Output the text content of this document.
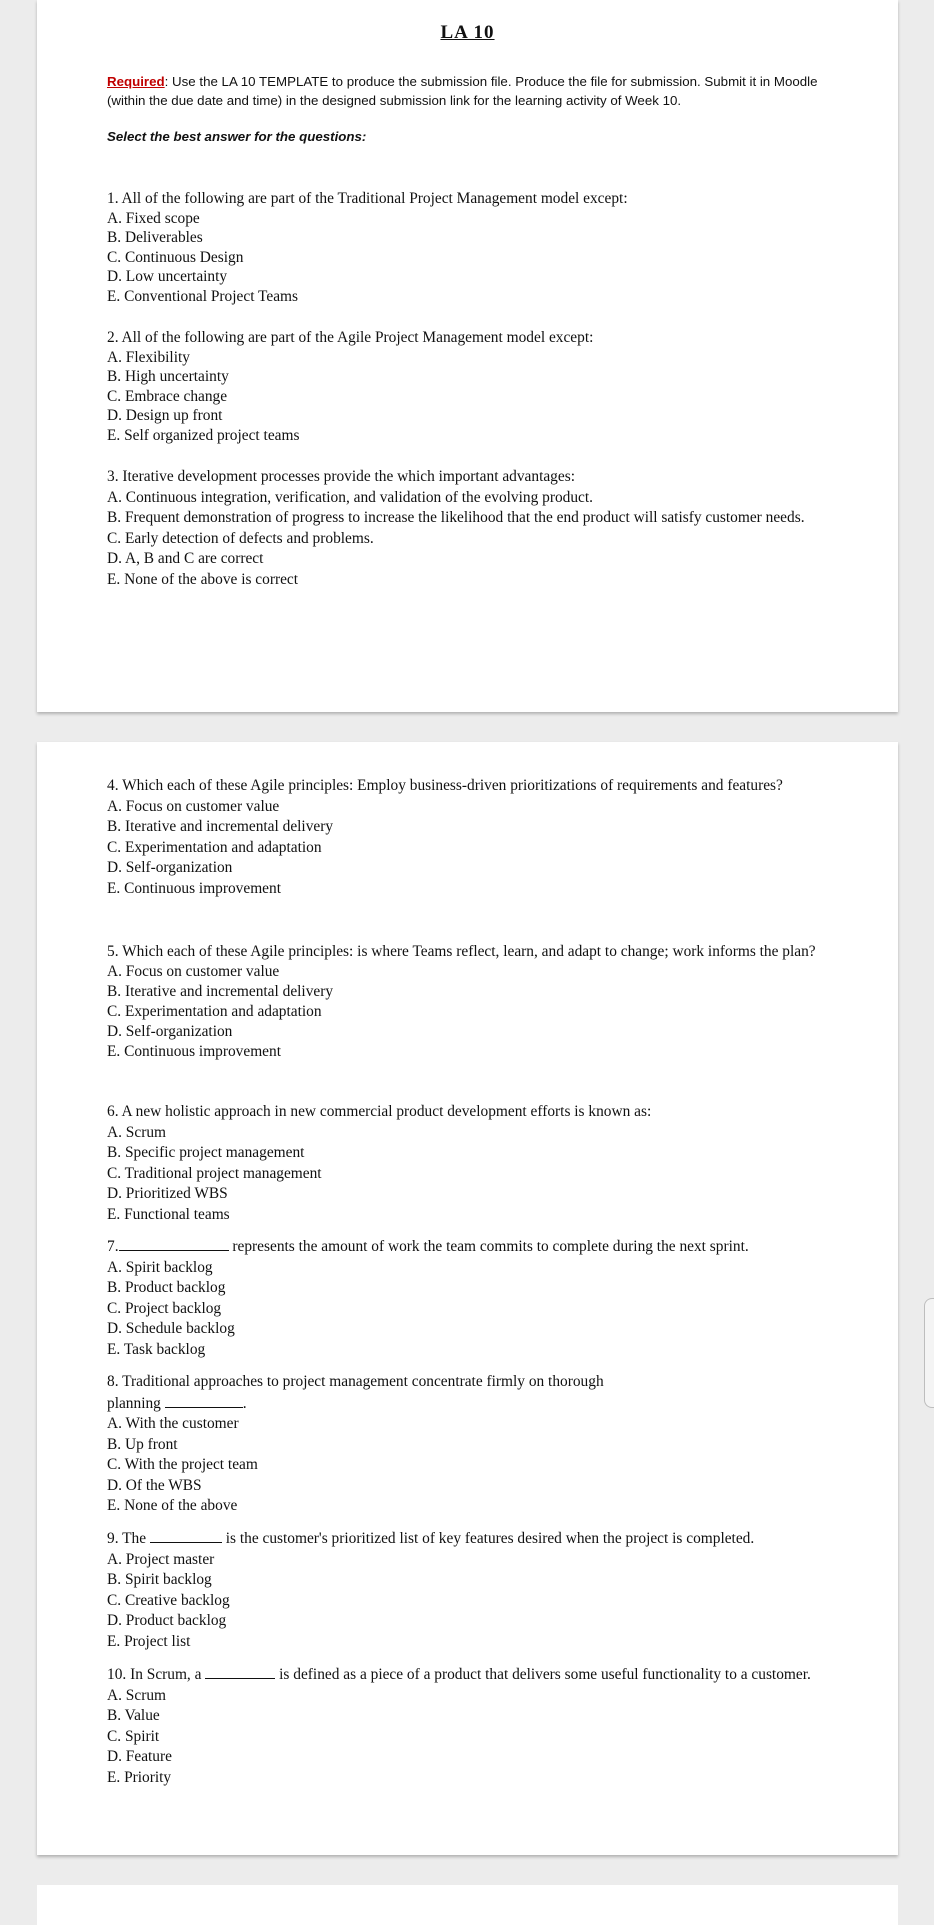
LA 10

Required: Use the LA 10 TEMPLATE to produce the submission file. Produce the file for submission. Submit it in Moodle (within the due date and time) in the designed submission link for the learning activity of Week 10.

Select the best answer for the questions:

1. All of the following are part of the Traditional Project Management model except:
A. Fixed scope
B. Deliverables
C. Continuous Design
D. Low uncertainty
E. Conventional Project Teams
2. All of the following are part of the Agile Project Management model except:
A. Flexibility
B. High uncertainty
C. Embrace change
D. Design up front
E. Self organized project teams
3. Iterative development processes provide the which important advantages:
A. Continuous integration, verification, and validation of the evolving product.
B. Frequent demonstration of progress to increase the likelihood that the end product will satisfy customer needs.
C. Early detection of defects and problems.
D. A, B and C are correct
E. None of the above is correct
4. Which each of these Agile principles: Employ business-driven prioritizations of requirements and features?
A. Focus on customer value
B. Iterative and incremental delivery
C. Experimentation and adaptation
D. Self-organization
E. Continuous improvement
5. Which each of these Agile principles: is where Teams reflect, learn, and adapt to change; work informs the plan?
A. Focus on customer value
B. Iterative and incremental delivery
C. Experimentation and adaptation
D. Self-organization
E. Continuous improvement
6. A new holistic approach in new commercial product development efforts is known as:
A. Scrum
B. Specific project management
C. Traditional project management
D. Prioritized WBS
E. Functional teams
7.	represents the amount of work the team commits to complete during the next sprint.
A. Spirit backlog
B. Product backlog
C. Project backlog
D. Schedule backlog
E. Task backlog
8. Traditional approaches to project management concentrate firmly on thorough
planning	.
A. With the customer
B. Up front
C. With the project team
D. Of the WBS
E. None of the above
9. The	is the customer's prioritized list of key features desired when the project is completed.
A. Project master
B. Spirit backlog
C. Creative backlog
D. Product backlog
E. Project list
10. In Scrum, a	is defined as a piece of a product that delivers some useful functionality to a customer.
A. Scrum
B. Value
C. Spirit
D. Feature
E. Priority
